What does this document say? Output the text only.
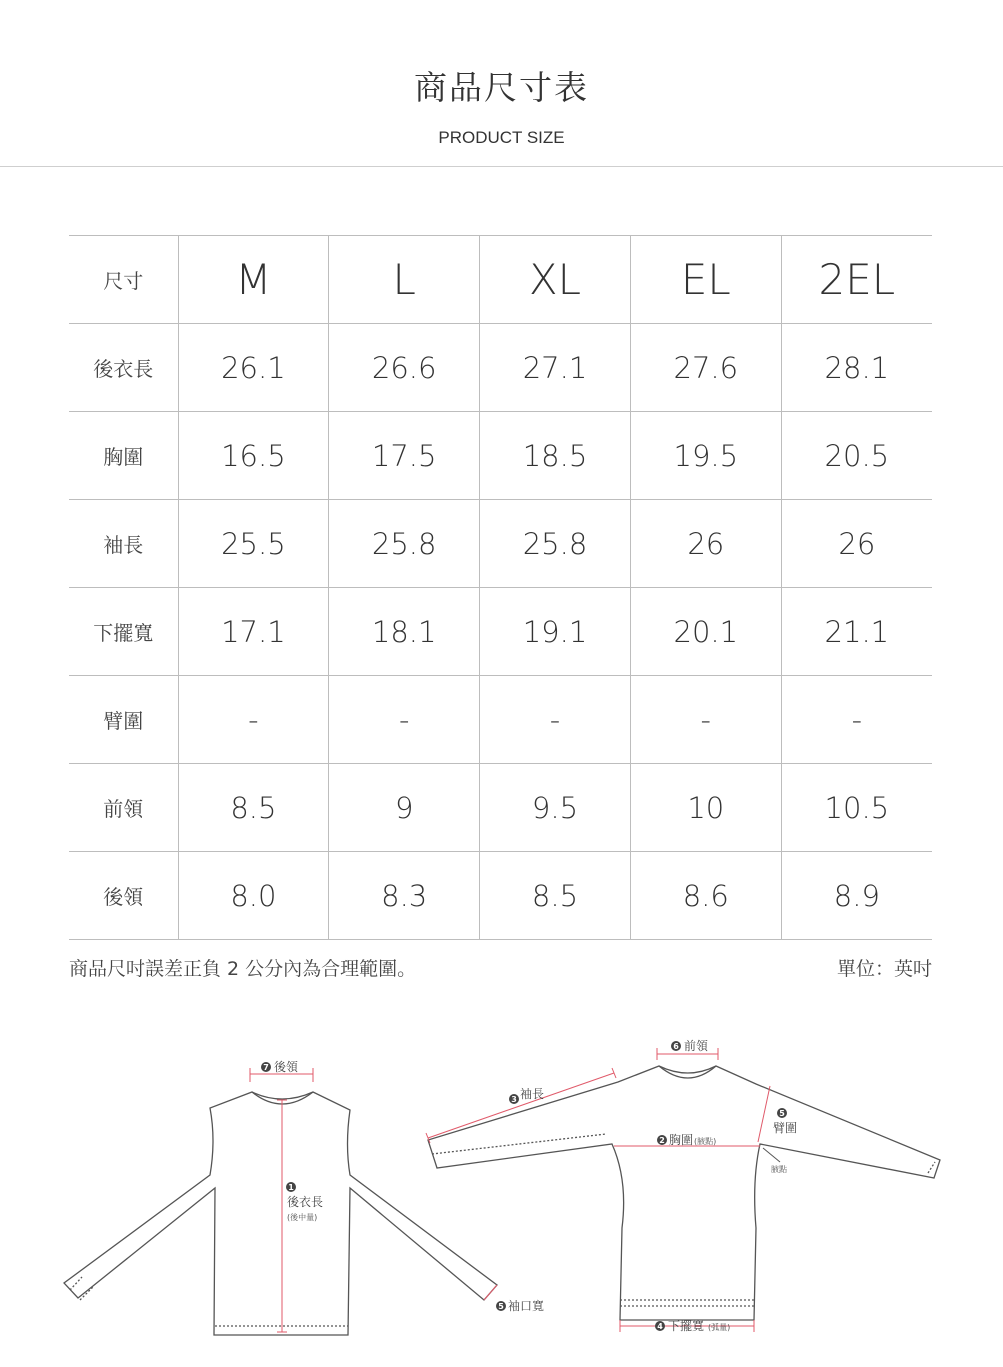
商品尺寸表
PRODUCT SIZE
尺寸	M	L	XL	EL	2EL
後衣長	26.1	26.6	27.1	27.6	28.1
胸圍	16.5	17.5	18.5	19.5	20.5
袖長	25.5	25.8	25.8	26	26
下擺寬	17.1	18.1	19.1	20.1	21.1
臂圍	-	-	-	-	-
前領	8.5	9	9.5	10	10.5
後領	8.0	8.3	8.5	8.6	8.9
商品尺吋誤差正負 2 公分內為合理範圍。	單位：英吋
7 後領
1
後衣長
(後中量)
5 袖口寬
3 袖長
6 前領
2 胸圍 (腋點)
5
臂圍
腋點
4 下擺寬 (弧量)
